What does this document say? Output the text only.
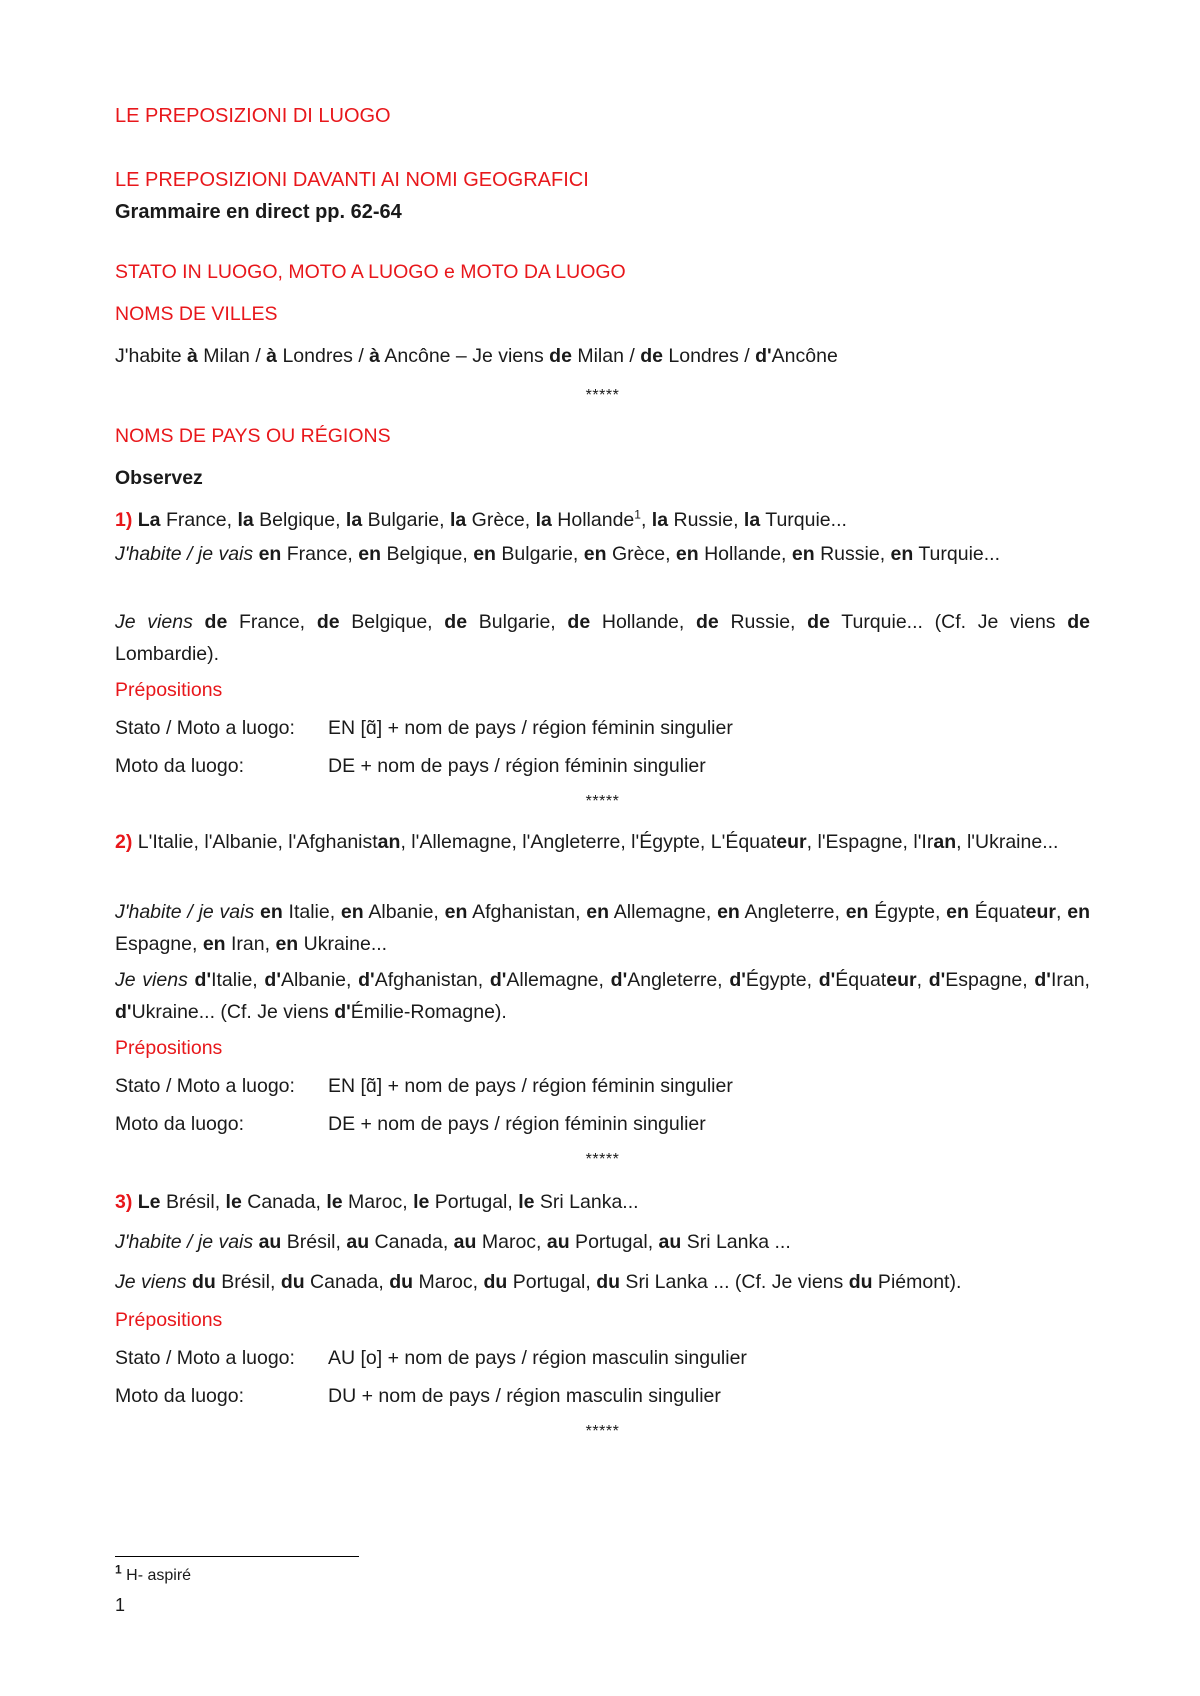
LE PREPOSIZIONI DI LUOGO
LE PREPOSIZIONI DAVANTI AI NOMI GEOGRAFICI
Grammaire en direct pp. 62-64
STATO IN LUOGO, MOTO A LUOGO e MOTO DA LUOGO
NOMS DE VILLES
J'habite à Milan / à Londres / à Ancône – Je viens de Milan / de Londres / d'Ancône
*****
NOMS DE PAYS OU RÉGIONS
Observez
1) La France, la Belgique, la Bulgarie, la Grèce, la Hollande$^1$, la Russie, la Turquie...
J'habite / je vais en France, en Belgique, en Bulgarie, en Grèce, en Hollande, en Russie, en Turquie...
Je viens de France, de Belgique, de Bulgarie, de Hollande, de Russie, de Turquie... (Cf. Je viens de Lombardie).
Prépositions
Stato / Moto a luogo: EN [ɑ̃] + nom de pays / région féminin singulier
Moto da luogo:	DE + nom de pays / région féminin singulier
*****
2) L'Italie, l'Albanie, l'Afghanistan, l'Allemagne, l'Angleterre, l'Égypte, L'Équateur, l'Espagne, l'Iran, l'Ukraine...
J'habite / je vais en Italie, en Albanie, en Afghanistan, en Allemagne, en Angleterre, en Égypte, en Équateur, en Espagne, en Iran, en Ukraine...
Je viens d'Italie, d'Albanie, d'Afghanistan, d'Allemagne, d'Angleterre, d'Égypte, d'Équateur, d'Espagne, d'Iran, d'Ukraine... (Cf. Je viens d'Émilie-Romagne).
Prépositions
Stato / Moto a luogo: EN [ɑ̃] + nom de pays / région féminin singulier
Moto da luogo:	DE + nom de pays / région féminin singulier
*****
3) Le Brésil, le Canada, le Maroc, le Portugal, le Sri Lanka...
J'habite / je vais au Brésil, au Canada, au Maroc, au Portugal, au Sri Lanka ...
Je viens du Brésil, du Canada, du Maroc, du Portugal, du Sri Lanka ... (Cf. Je viens du Piémont).
Prépositions
Stato / Moto a luogo: AU [o] + nom de pays / région masculin singulier
Moto da luogo:	DU + nom de pays / région masculin singulier
*****
$^1$ H- aspiré
1
